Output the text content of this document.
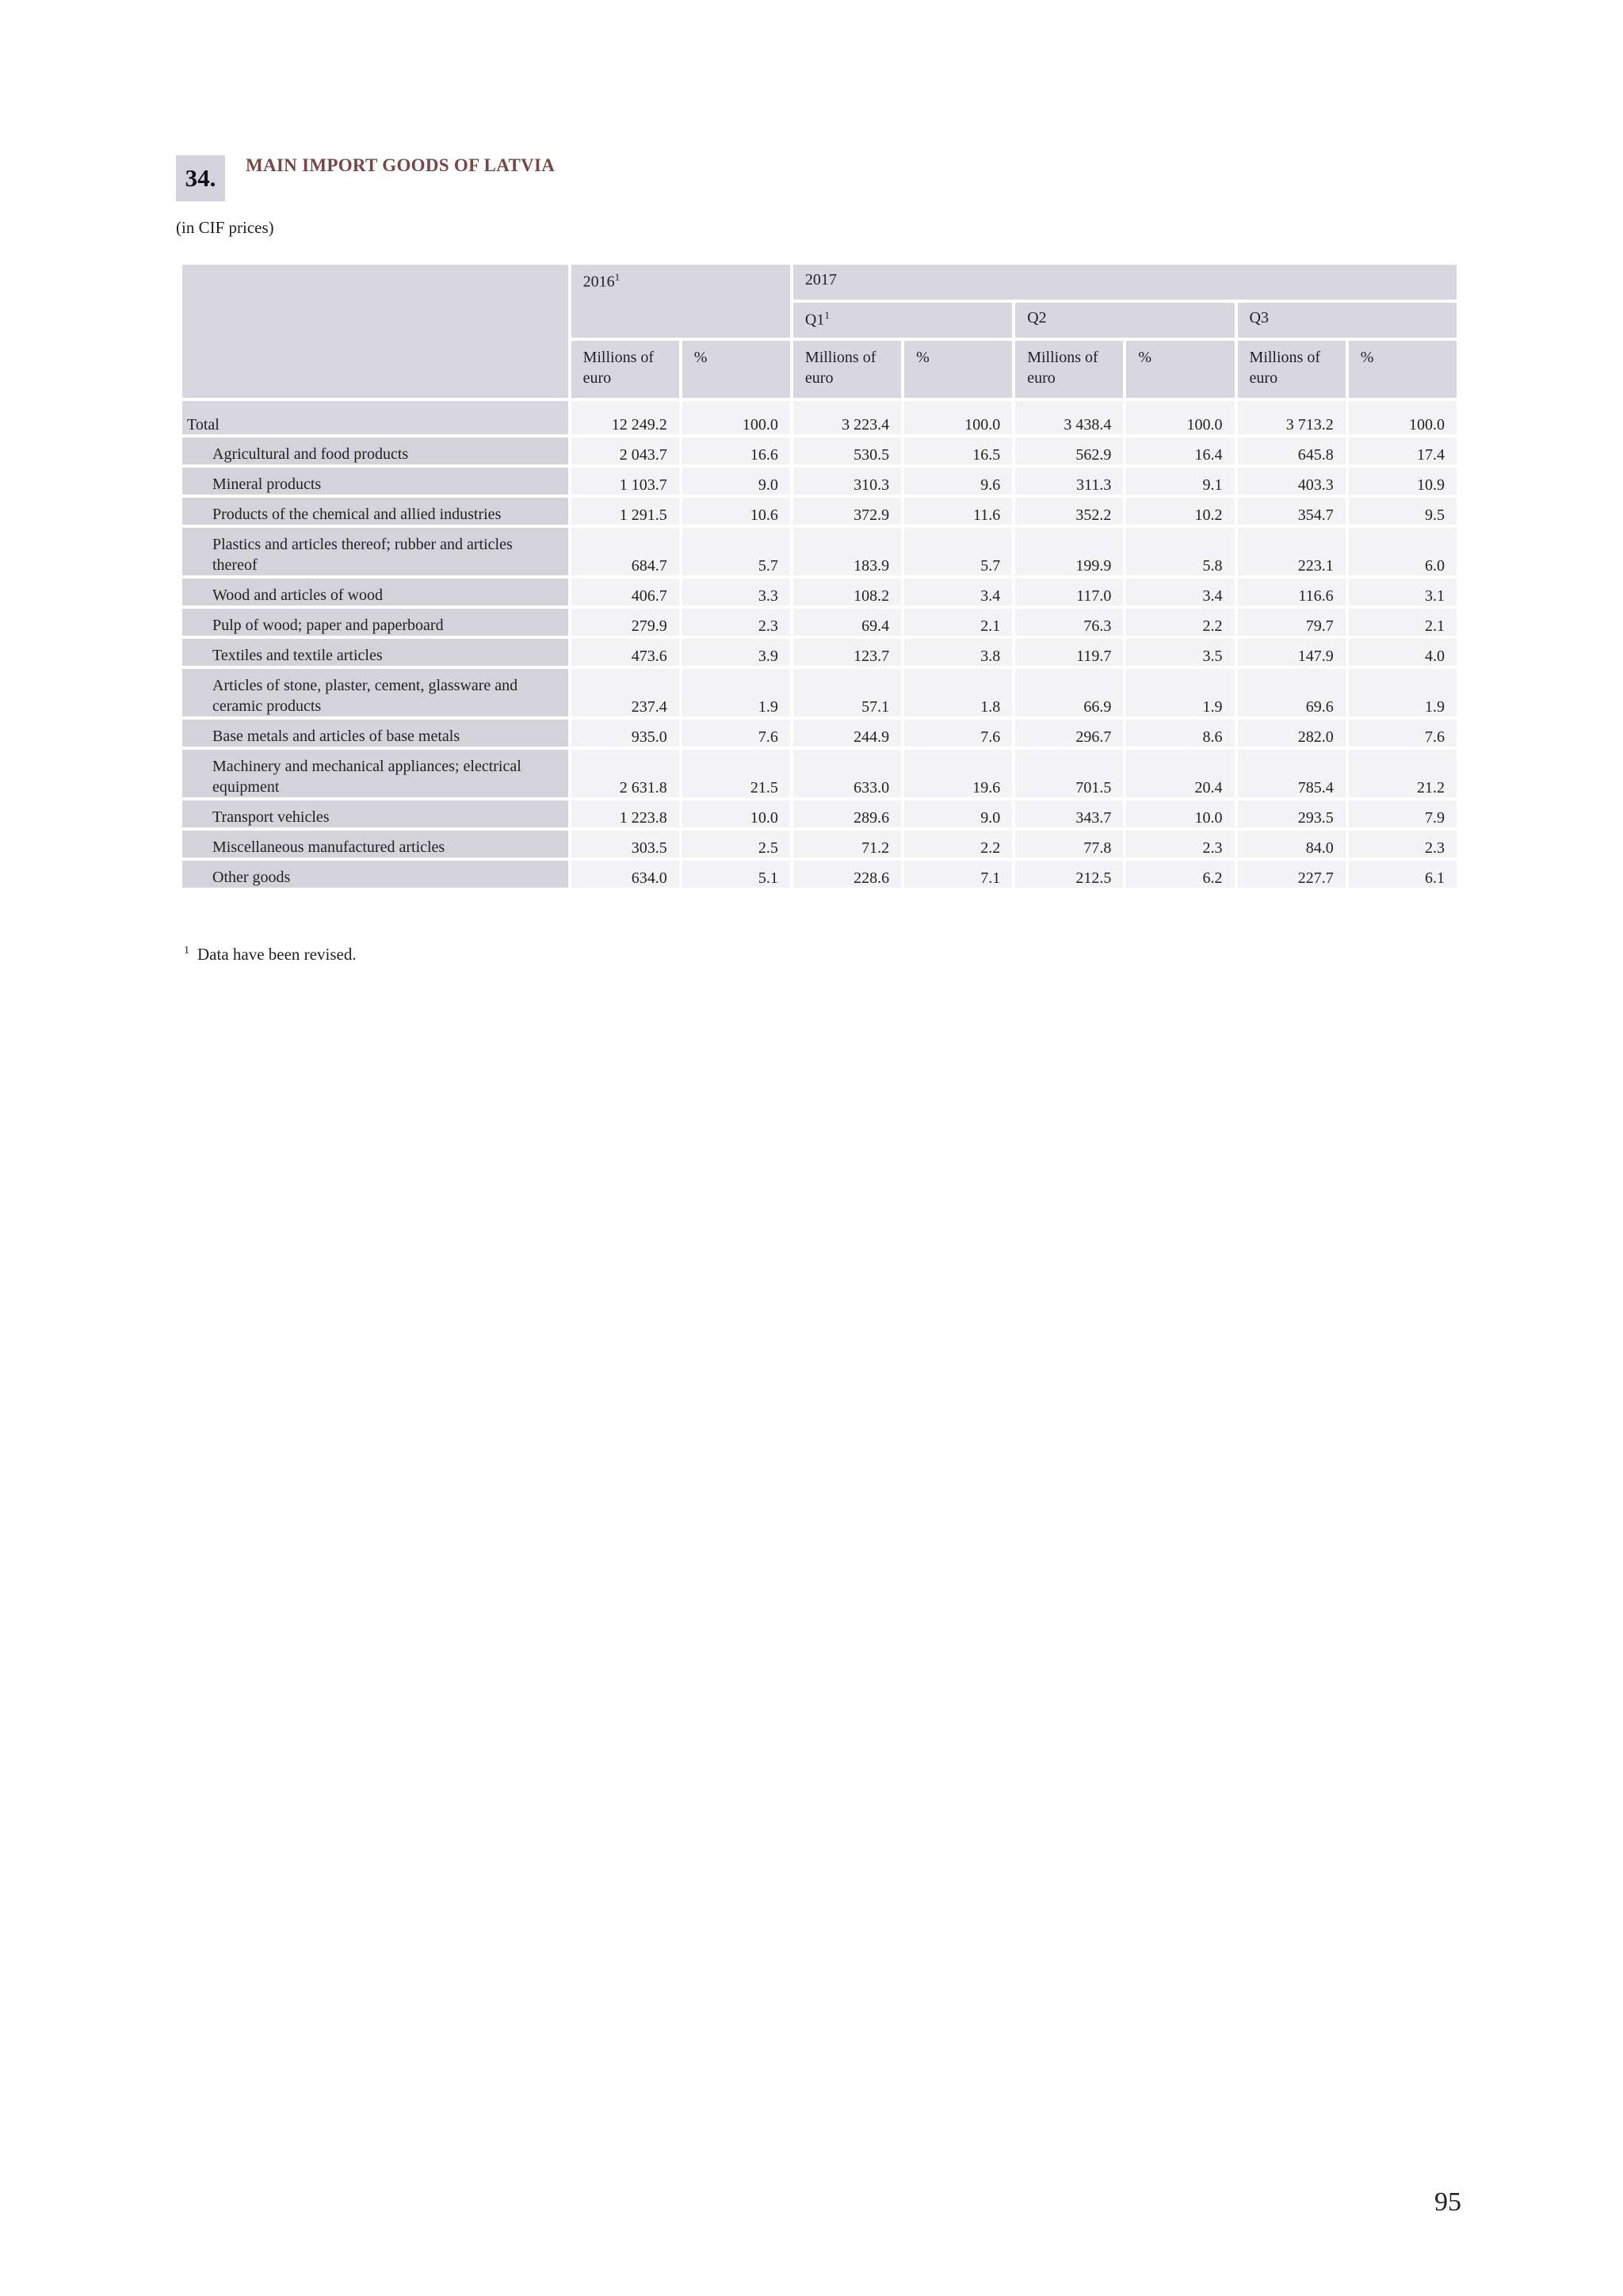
34.	MAIN IMPORT GOODS OF LATVIA
(in CIF prices)
	2016$^1$		2017					
			$Q1^1$		Q2		Q3	
	Millions of euro	%	Millions of euro	%	Millions of euro	%	Millions of euro	%
Total	12 249.2	100.0	3 223.4	100.0	3 438.4	100.0	3 713.2	100.0
Agricultural and food products	2 043.7	16.6	530.5	16.5	562.9	16.4	645.8	17.4
Mineral products	1 103.7	9.0	310.3	9.6	311.3	9.1	403.3	10.9
Products of the chemical and allied industries	1 291.5	10.6	372.9	11.6	352.2	10.2	354.7	9.5
Plastics and articles thereof; rubber and articles thereof	684.7	5.7	183.9	5.7	199.9	5.8	223.1	6.0
Wood and articles of wood	406.7	3.3	108.2	3.4	117.0	3.4	116.6	3.1
Pulp of wood; paper and paperboard	279.9	2.3	69.4	2.1	76.3	2.2	79.7	2.1
Textiles and textile articles	473.6	3.9	123.7	3.8	119.7	3.5	147.9	4.0
Articles of stone, plaster, cement, glassware and ceramic products	237.4	1.9	57.1	1.8	66.9	1.9	69.6	1.9
Base metals and articles of base metals	935.0	7.6	244.9	7.6	296.7	8.6	282.0	7.6
Machinery and mechanical appliances; electrical equipment	2 631.8	21.5	633.0	19.6	701.5	20.4	785.4	21.2
Transport vehicles	1 223.8	10.0	289.6	9.0	343.7	10.0	293.5	7.9
Miscellaneous manufactured articles	303.5	2.5	71.2	2.2	77.8	2.3	84.0	2.3
Other goods	634.0	5.1	228.6	7.1	212.5	6.2	227.7	6.1
$^1$ Data have been revised.
95
